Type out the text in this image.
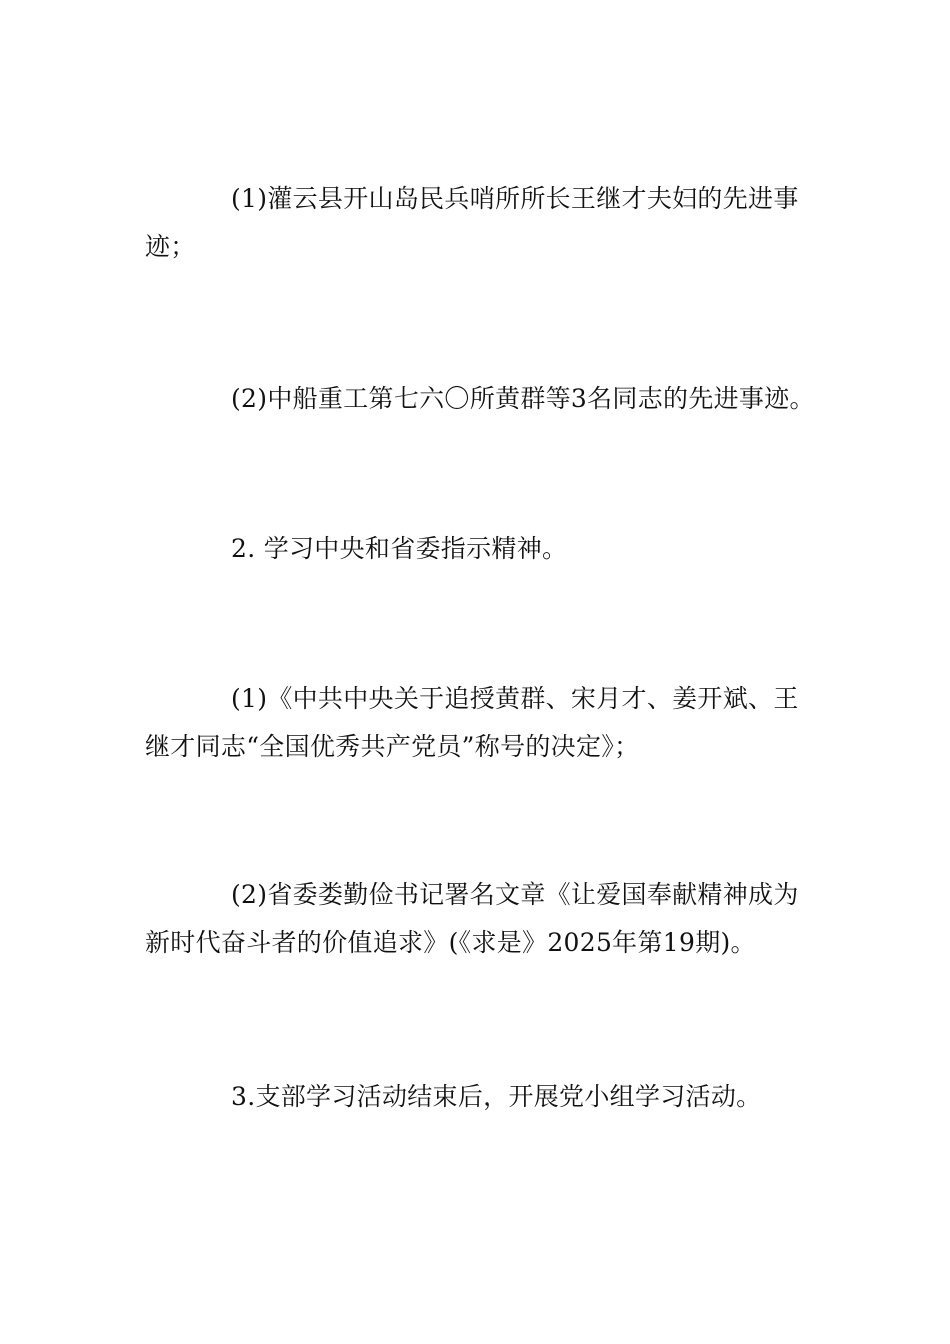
(1)灌云县开山岛民兵哨所所长王继才夫妇的先进事迹；

(2)中船重工第七六〇所黄群等3名同志的先进事迹。

2. 学习中央和省委指示精神。

(1)《中共中央关于追授黄群、宋月才、姜开斌、王继才同志“全国优秀共产党员”称号的决定》；

(2)省委娄勤俭书记署名文章《让爱国奉献精神成为新时代奋斗者的价值追求》(《求是》2025年第19期)。

3.支部学习活动结束后，开展党小组学习活动。
